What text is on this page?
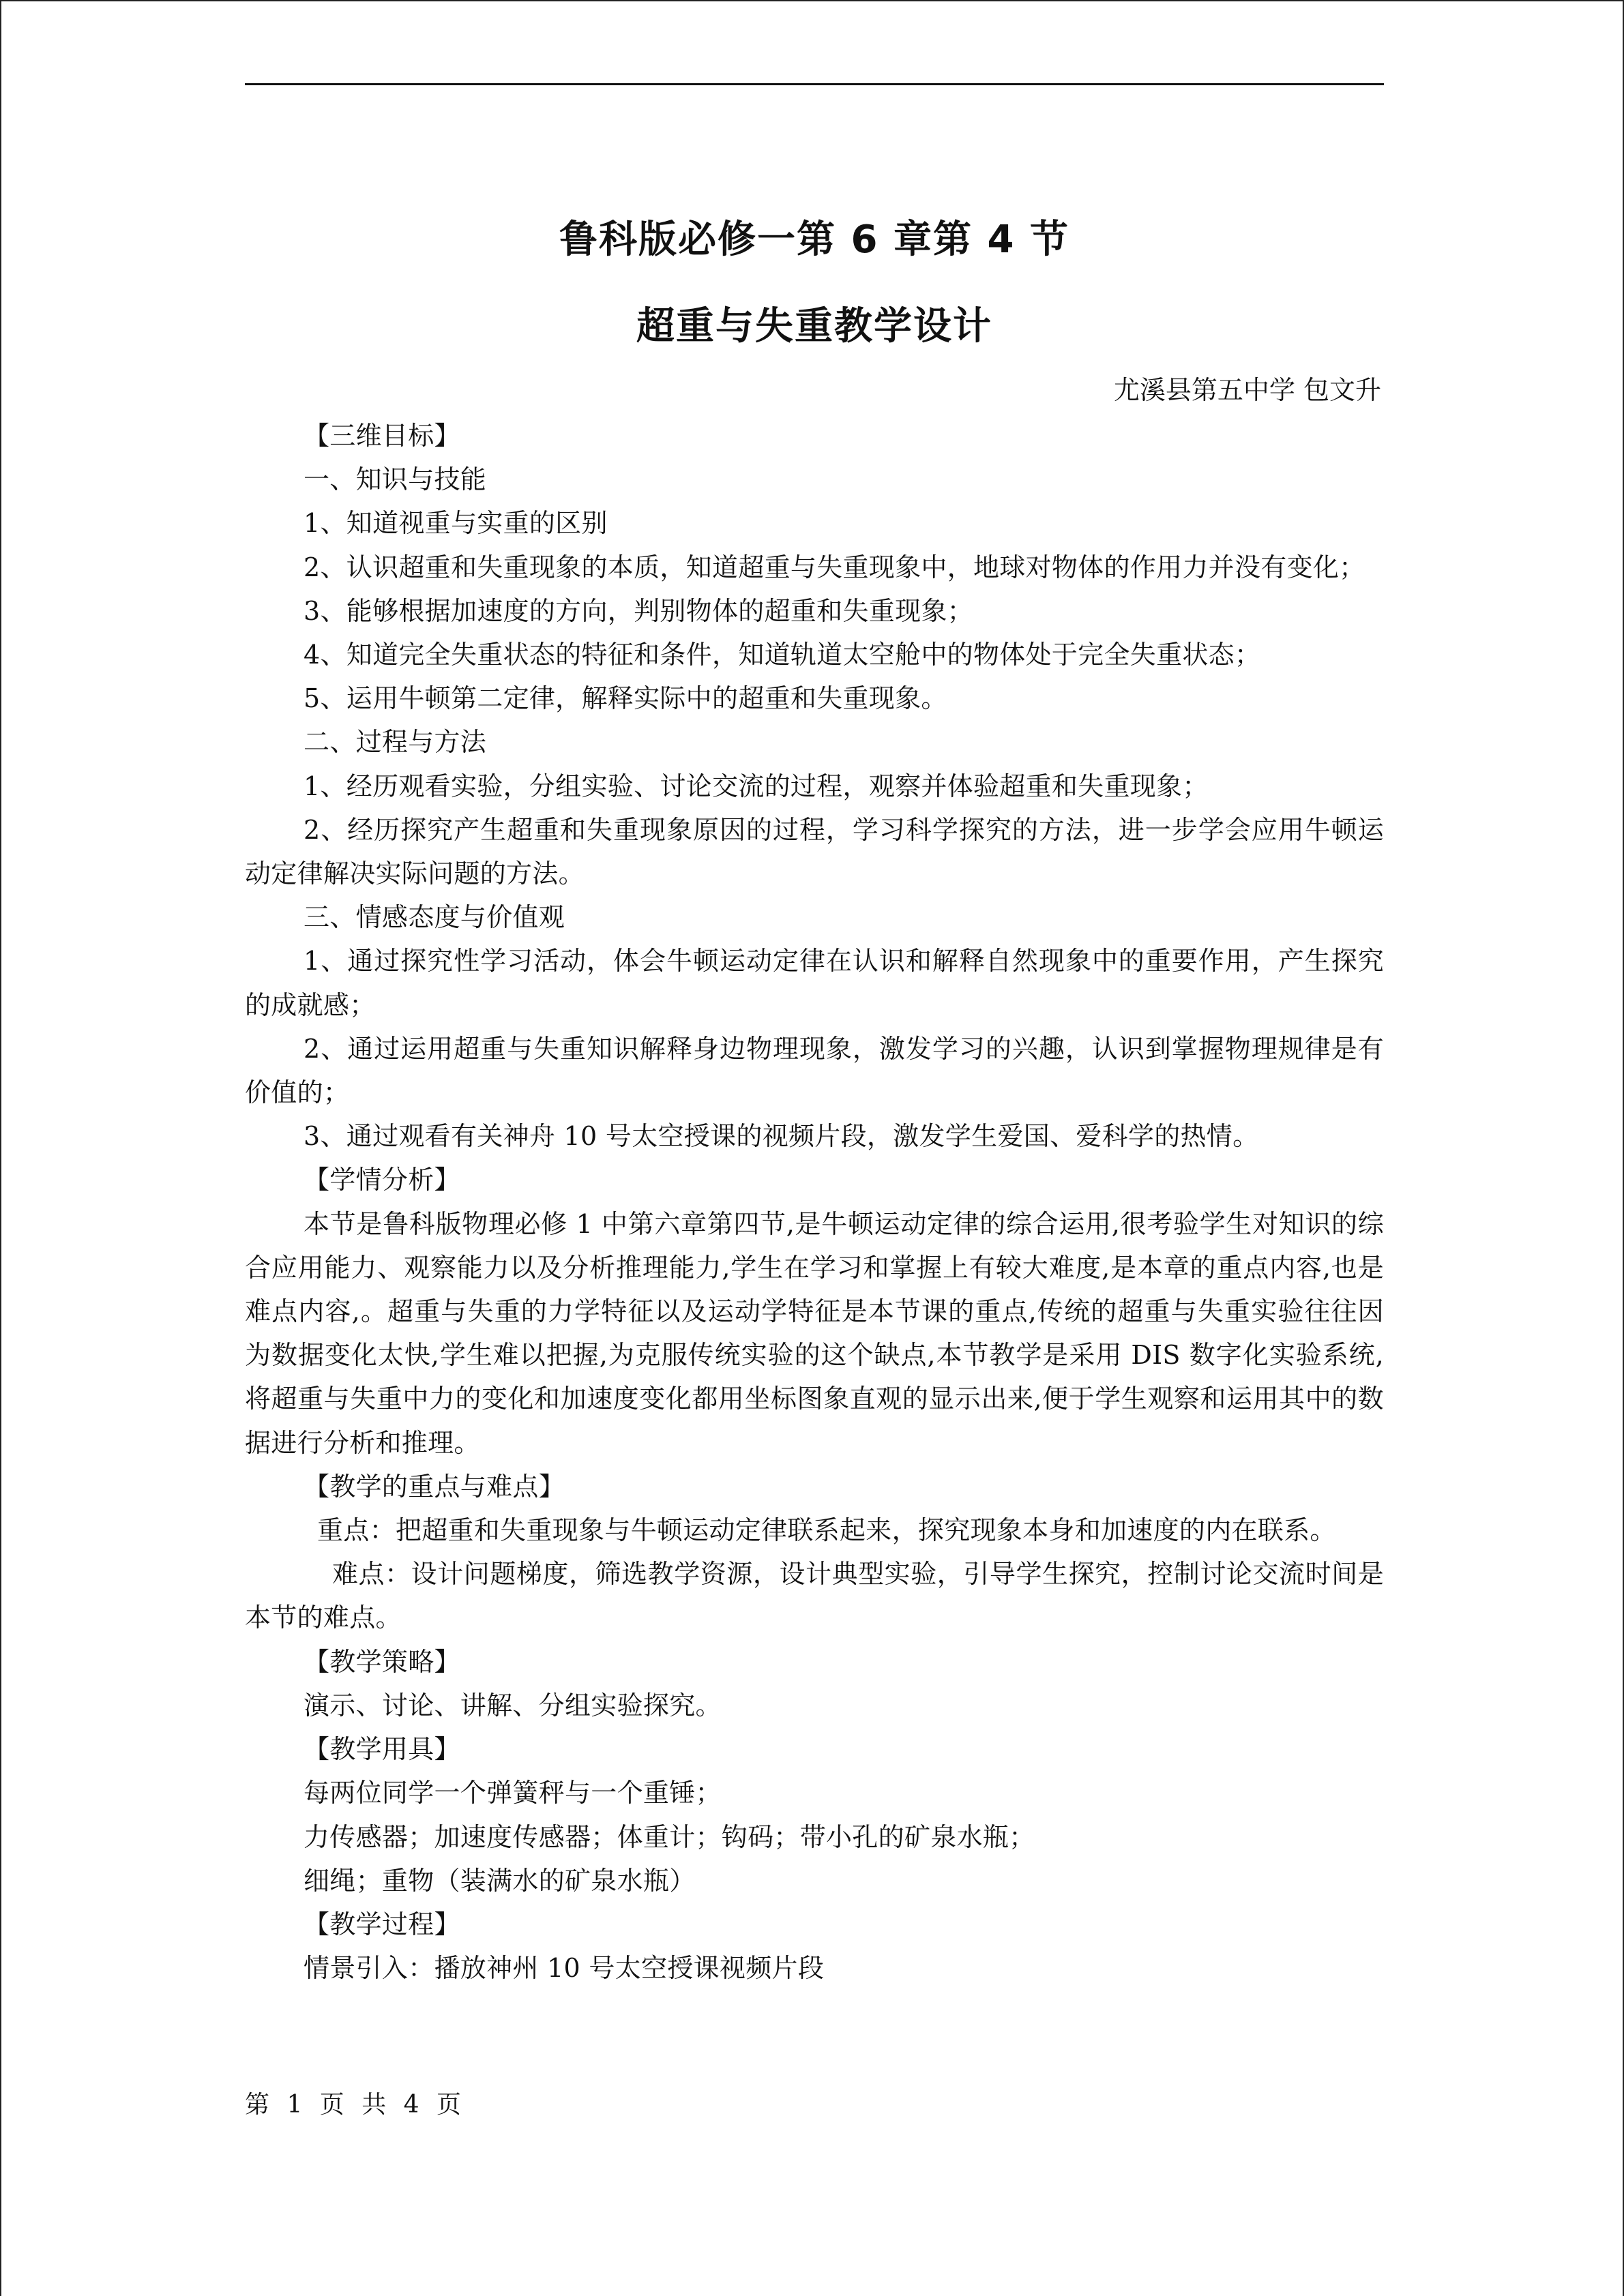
鲁科版必修一第 6 章第 4 节
超重与失重教学设计
尤溪县第五中学 包文升

【三维目标】

一、知识与技能

1、知道视重与实重的区别

2、认识超重和失重现象的本质，知道超重与失重现象中，地球对物体的作用力并没有变化；

3、能够根据加速度的方向，判别物体的超重和失重现象；

4、知道完全失重状态的特征和条件，知道轨道太空舱中的物体处于完全失重状态；

5、运用牛顿第二定律，解释实际中的超重和失重现象。

二、过程与方法

1、经历观看实验，分组实验、讨论交流的过程，观察并体验超重和失重现象；

2、经历探究产生超重和失重现象原因的过程，学习科学探究的方法，进一步学会应用牛顿运动定律解决实际问题的方法。

三、情感态度与价值观

1、通过探究性学习活动，体会牛顿运动定律在认识和解释自然现象中的重要作用，产生探究的成就感；

2、通过运用超重与失重知识解释身边物理现象，激发学习的兴趣，认识到掌握物理规律是有价值的；

3、通过观看有关神舟 10 号太空授课的视频片段，激发学生爱国、爱科学的热情。

【学情分析】

本节是鲁科版物理必修 1 中第六章第四节,是牛顿运动定律的综合运用,很考验学生对知识的综合应用能力、观察能力以及分析推理能力,学生在学习和掌握上有较大难度,是本章的重点内容,也是难点内容,。超重与失重的力学特征以及运动学特征是本节课的重点,传统的超重与失重实验往往因为数据变化太快,学生难以把握,为克服传统实验的这个缺点,本节教学是采用 DIS 数字化实验系统,将超重与失重中力的变化和加速度变化都用坐标图象直观的显示出来,便于学生观察和运用其中的数据进行分析和推理。

【教学的重点与难点】

重点：把超重和失重现象与牛顿运动定律联系起来，探究现象本身和加速度的内在联系。

难点：设计问题梯度，筛选教学资源，设计典型实验，引导学生探究，控制讨论交流时间是本节的难点。

【教学策略】

演示、讨论、讲解、分组实验探究。

【教学用具】

每两位同学一个弹簧秤与一个重锤；

力传感器；加速度传感器；体重计；钩码；带小孔的矿泉水瓶；

细绳；重物（装满水的矿泉水瓶）

【教学过程】

情景引入：播放神州 10 号太空授课视频片段

第 1 页 共 4 页
